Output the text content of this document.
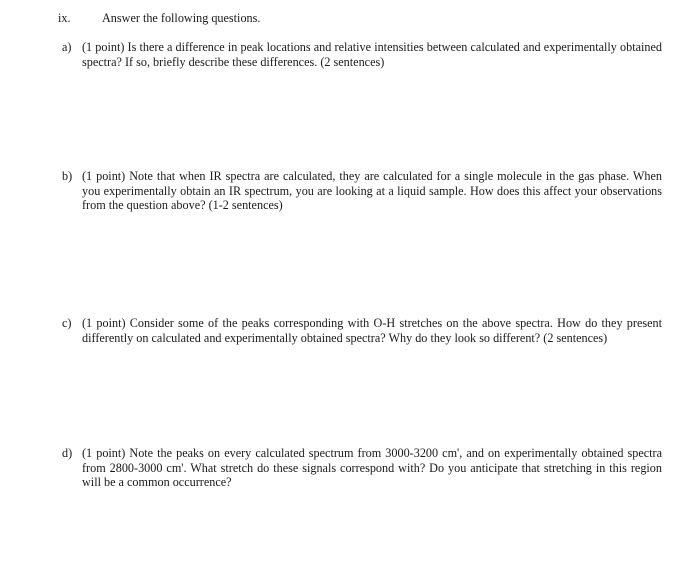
ix.	Answer the following questions.
a) (1 point) Is there a difference in peak locations and relative intensities between calculated and experimentally obtained spectra? If so, briefly describe these differences. (2 sentences)
b) (1 point) Note that when IR spectra are calculated, they are calculated for a single molecule in the gas phase. When you experimentally obtain an IR spectrum, you are looking at a liquid sample. How does this affect your observations from the question above? (1-2 sentences)
c) (1 point) Consider some of the peaks corresponding with O-H stretches on the above spectra. How do they present differently on calculated and experimentally obtained spectra? Why do they look so different? (2 sentences)
d) (1 point) Note the peaks on every calculated spectrum from 3000-3200 cm', and on experimentally obtained spectra from 2800-3000 cm'. What stretch do these signals correspond with? Do you anticipate that stretching in this region will be a common occurrence?
